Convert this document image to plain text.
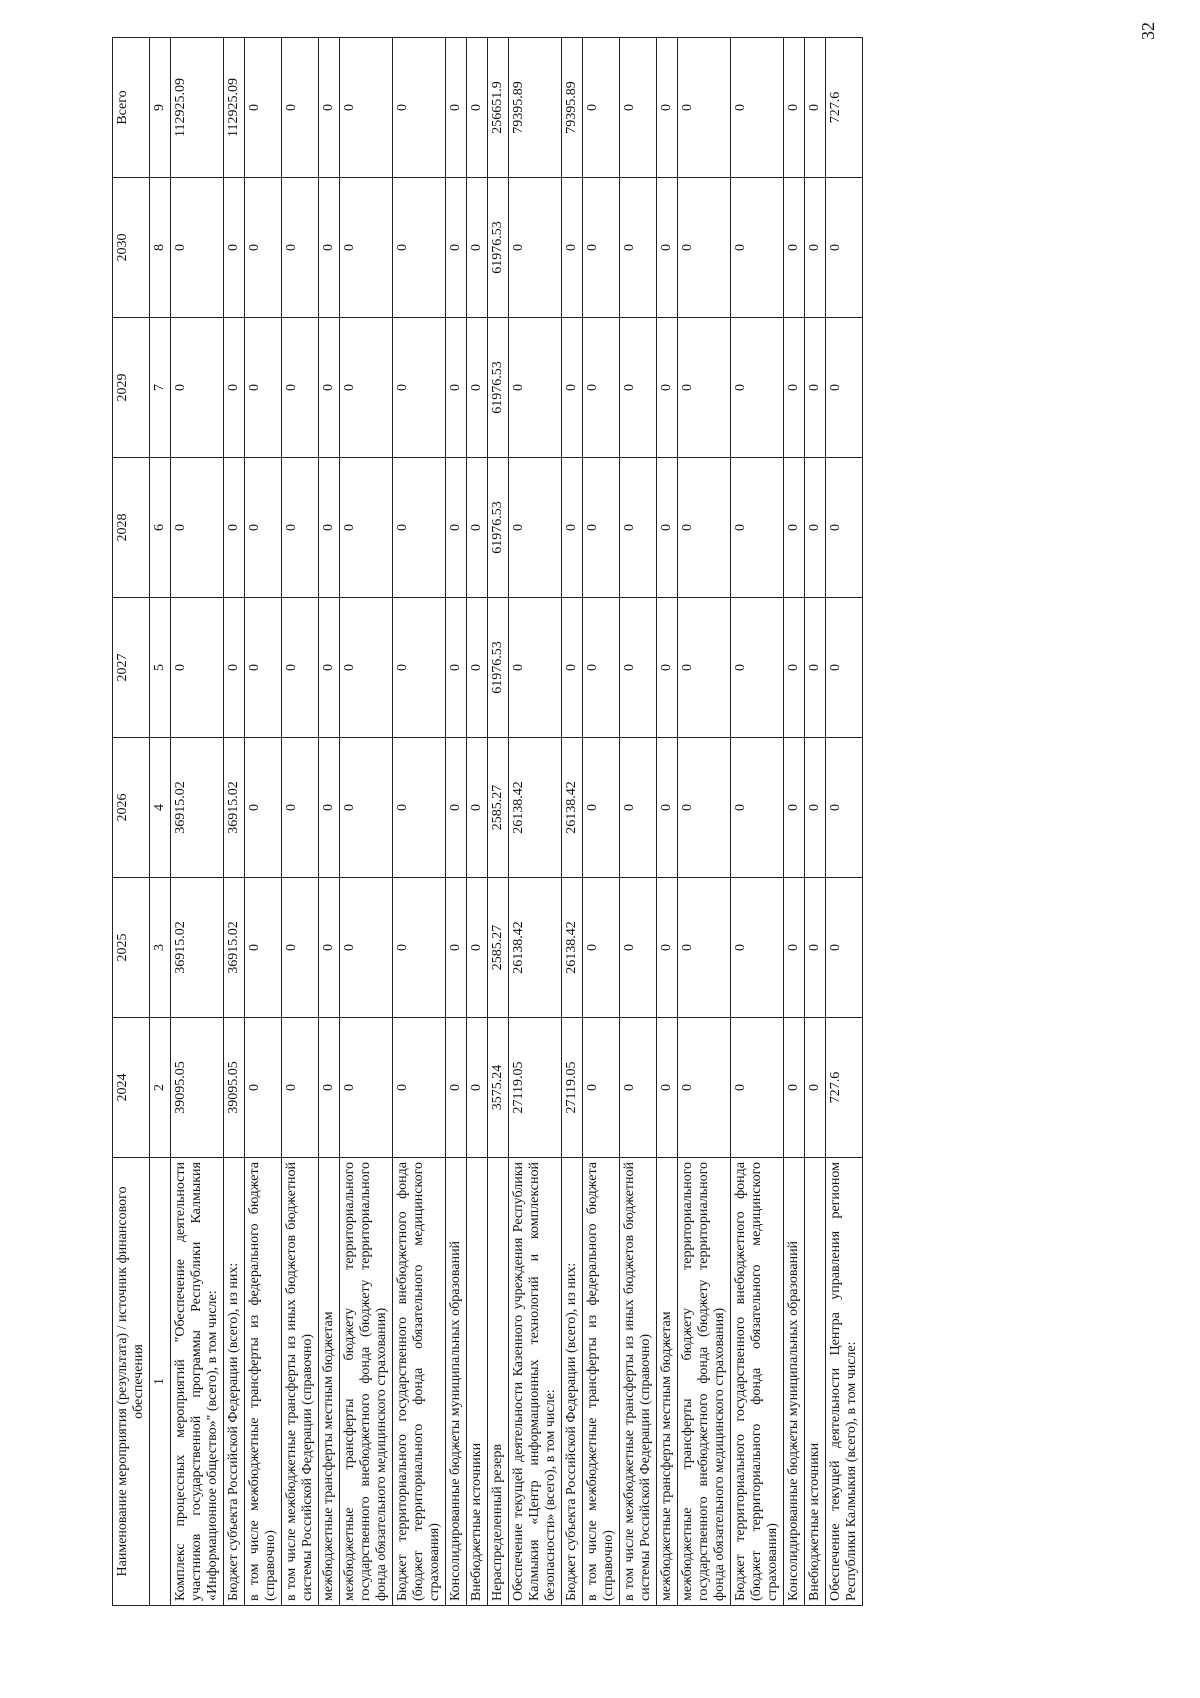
32
Наименование мероприятия (результата) / источник финансового обеспечения	2024	2025	2026	2027	2028	2029	2030	Всего
1	2	3	4	5	6	7	8	9
Комплекс процессных мероприятий "Обеспечение деятельности участников государственной программы Республики Калмыкия «Информационное общество»" (всего), в том числе:	39095.05	36915.02	36915.02	0	0	0	0	112925.09
Бюджет субъекта Российской Федерации (всего), из них:	39095.05	36915.02	36915.02	0	0	0	0	112925.09
в том числе межбюджетные трансферты из федерального бюджета (справочно)	0	0	0	0	0	0	0	0
в том числе межбюджетные трансферты из иных бюджетов бюджетной системы Российской Федерации (справочно)	0	0	0	0	0	0	0	0
межбюджетные трансферты местным бюджетам	0	0	0	0	0	0	0	0
межбюджетные трансферты бюджету территориального государственного внебюджетного фонда (бюджету территориального фонда обязательного медицинского страхования)	0	0	0	0	0	0	0	0
Бюджет территориального государственного внебюджетного фонда (бюджет территориального фонда обязательного медицинского страхования)	0	0	0	0	0	0	0	0
Консолидированные бюджеты муниципальных образований	0	0	0	0	0	0	0	0
Внебюджетные источники	0	0	0	0	0	0	0	0
Нераспределенный резерв	3575.24	2585.27	2585.27	61976.53	61976.53	61976.53	61976.53	256651.9
Обеспечение текущей деятельности Казенного учреждения Республики Калмыкия «Центр информационных технологий и комплексной безопасности» (всего), в том числе:	27119.05	26138.42	26138.42	0	0	0	0	79395.89
Бюджет субъекта Российской Федерации (всего), из них:	27119.05	26138.42	26138.42	0	0	0	0	79395.89
в том числе межбюджетные трансферты из федерального бюджета (справочно)	0	0	0	0	0	0	0	0
в том числе межбюджетные трансферты из иных бюджетов бюджетной системы Российской Федерации (справочно)	0	0	0	0	0	0	0	0
межбюджетные трансферты местным бюджетам	0	0	0	0	0	0	0	0
межбюджетные трансферты бюджету территориального государственного внебюджетного фонда (бюджету территориального фонда обязательного медицинского страхования)	0	0	0	0	0	0	0	0
Бюджет территориального государственного внебюджетного фонда (бюджет территориального фонда обязательного медицинского страхования)	0	0	0	0	0	0	0	0
Консолидированные бюджеты муниципальных образований	0	0	0	0	0	0	0	0
Внебюджетные источники	0	0	0	0	0	0	0	0
Обеспечение текущей деятельности Центра управления регионом Республики Калмыкия (всего), в том числе:	727.6	0	0	0	0	0	0	727.6
